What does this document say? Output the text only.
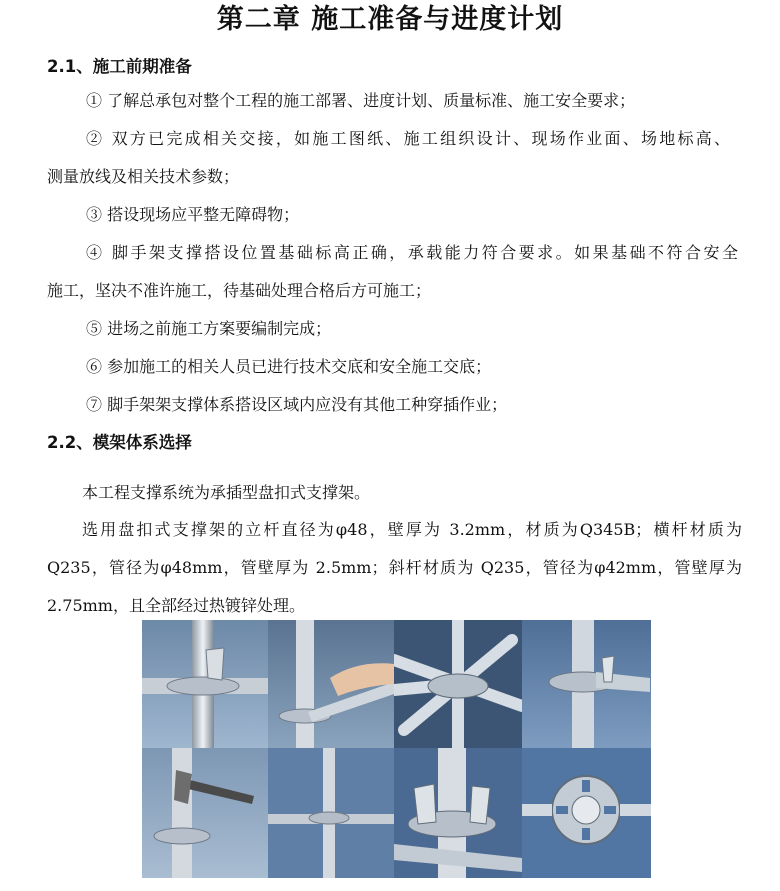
第二章 施工准备与进度计划
2.1、施工前期准备
① 了解总承包对整个工程的施工部署、进度计划、质量标准、施工安全要求；
② 双方已完成相关交接，如施工图纸、施工组织设计、现场作业面、场地标高、
测量放线及相关技术参数；
③ 搭设现场应平整无障碍物；
④ 脚手架支撑搭设位置基础标高正确，承载能力符合要求。如果基础不符合安全
施工，坚决不准许施工，待基础处理合格后方可施工；
⑤ 进场之前施工方案要编制完成；
⑥ 参加施工的相关人员已进行技术交底和安全施工交底；
⑦ 脚手架架支撑体系搭设区域内应没有其他工种穿插作业；
2.2、模架体系选择
本工程支撑系统为承插型盘扣式支撑架。
选用盘扣式支撑架的立杆直径为φ48，壁厚为 3.2mm，材质为Q345B；横杆材质为
Q235，管径为φ48mm，管壁厚为 2.5mm；斜杆材质为 Q235，管径为φ42mm，管壁厚为
2.75mm，且全部经过热镀锌处理。
